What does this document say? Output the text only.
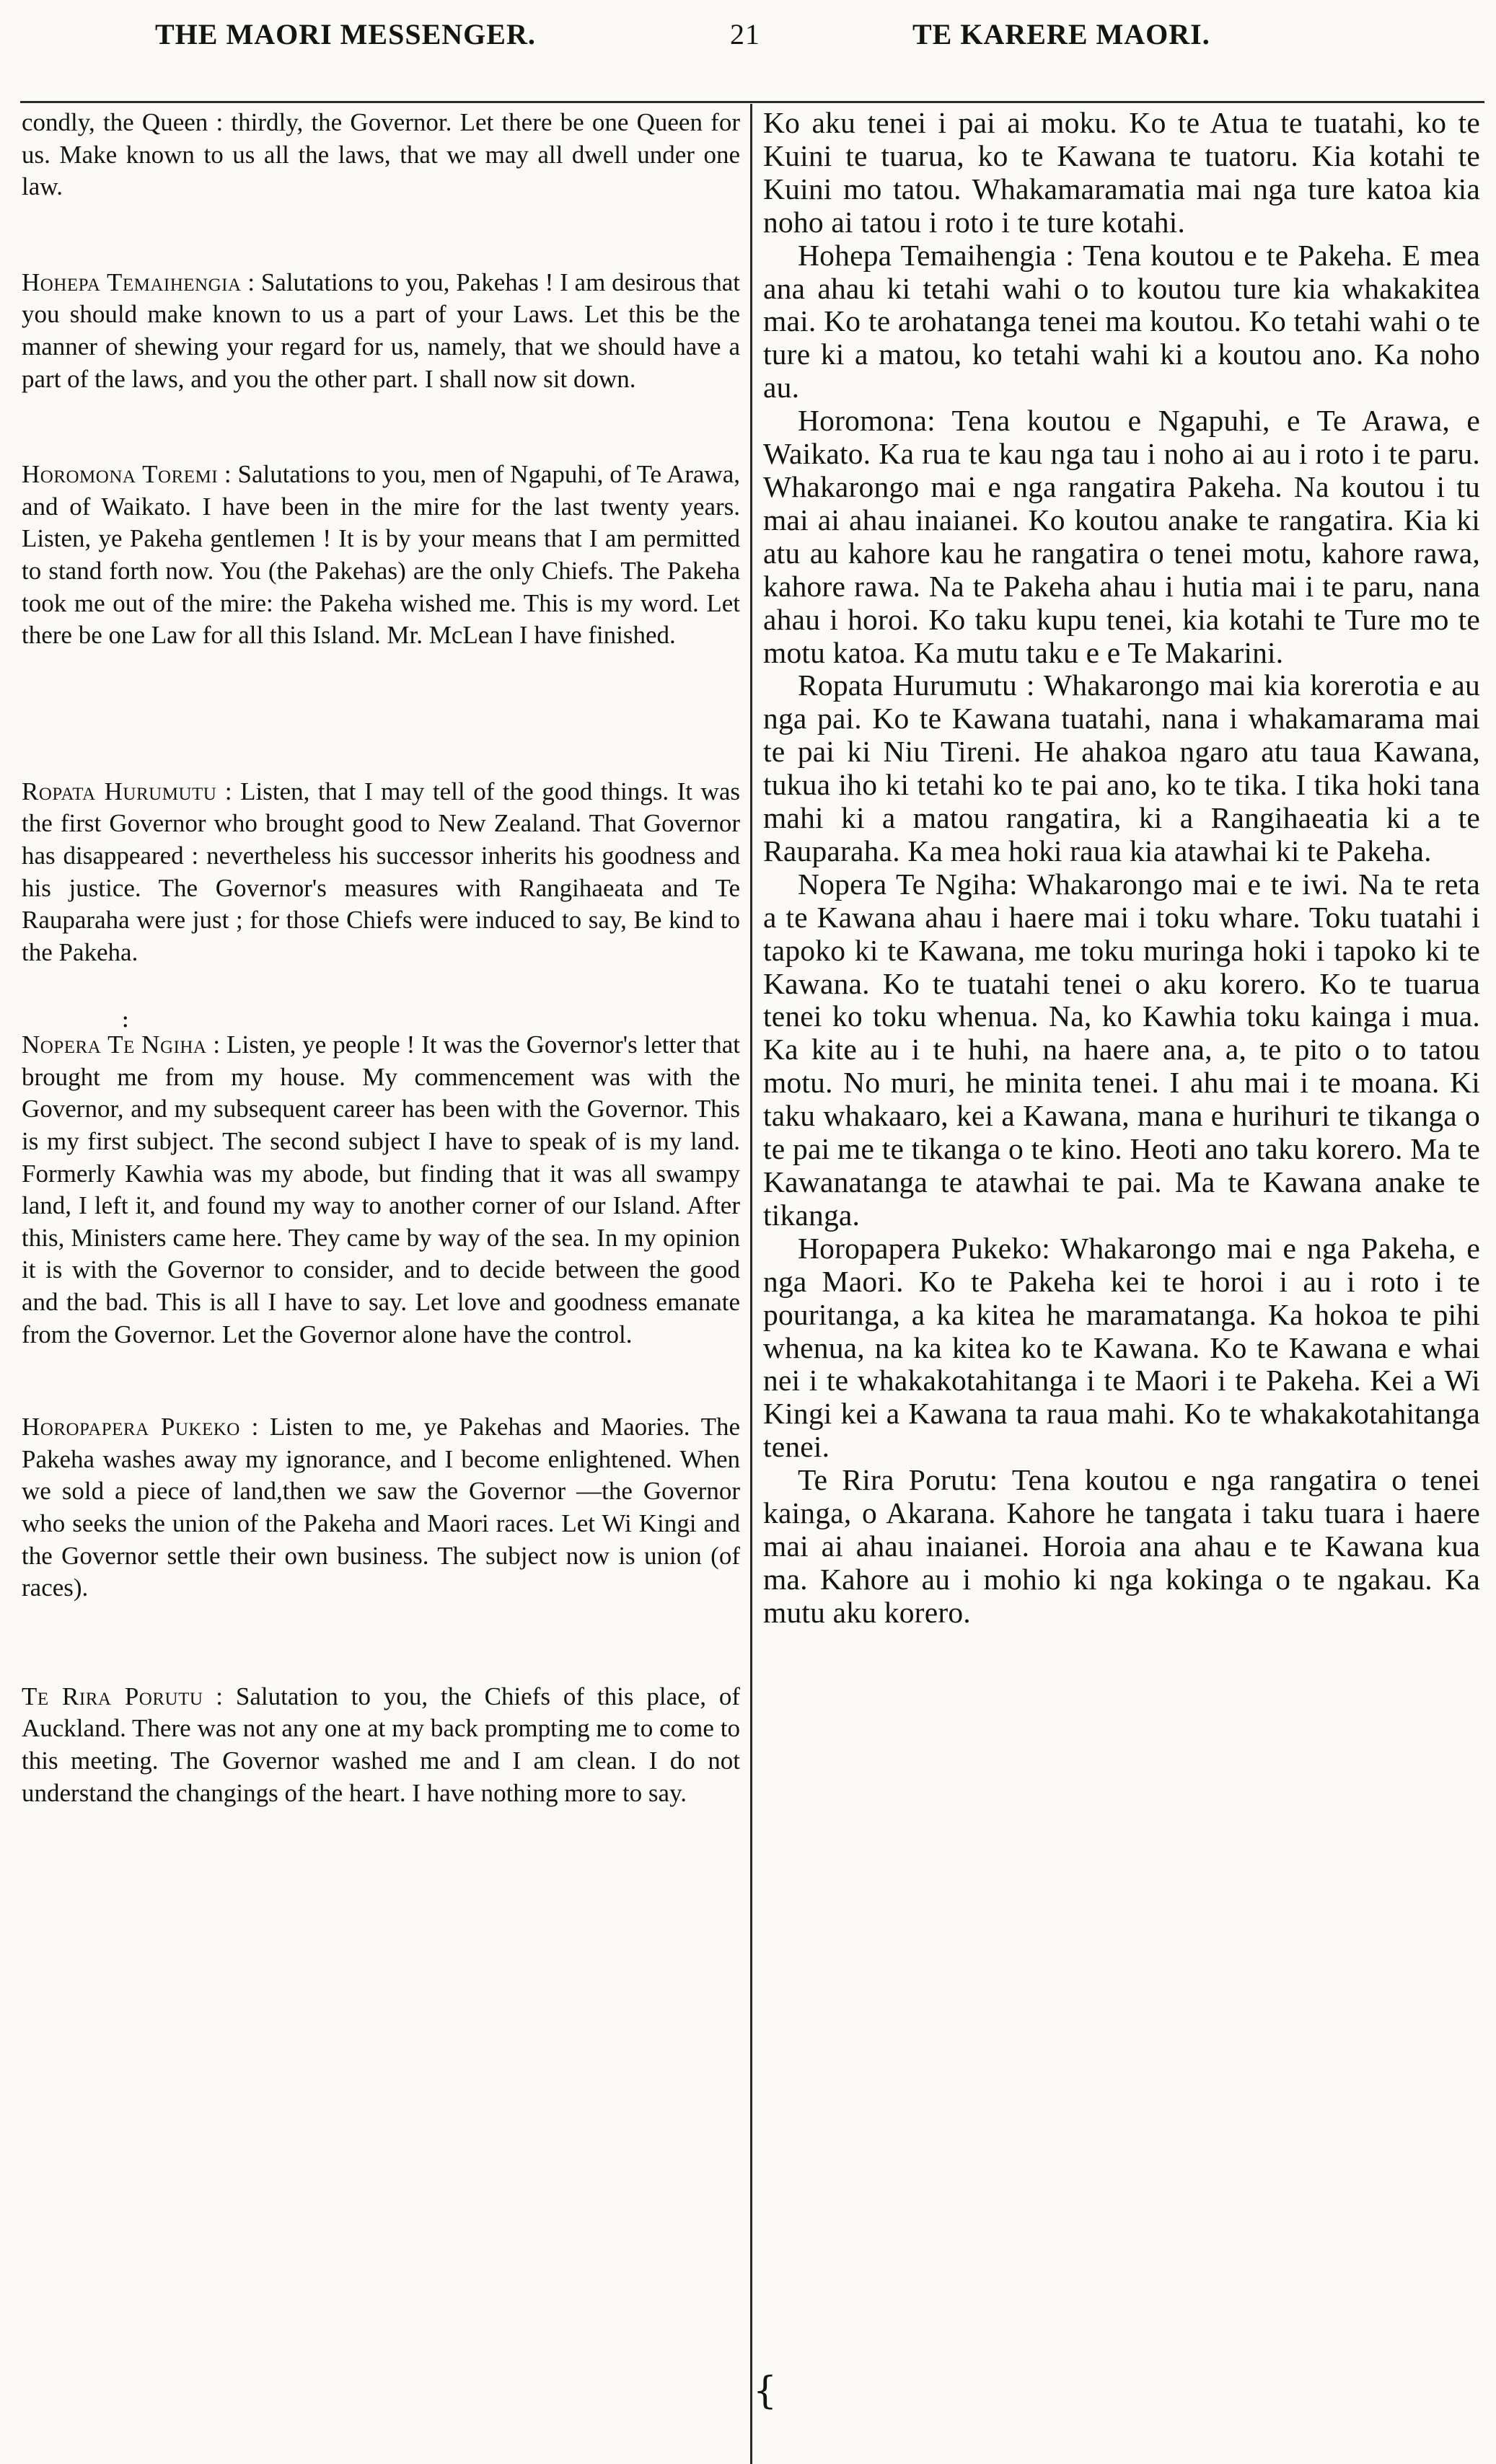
THE MAORI MESSENGER.	21	TE KARERE MAORI.

condly, the Queen : thirdly, the Governor. Let there be one Queen for us. Make known to us all the laws, that we may all dwell under one law.

Hohepa Temaihengia : Salutations to you, Pakehas ! I am desirous that you should make known to us a part of your Laws. Let this be the manner of shewing your regard for us, namely, that we should have a part of the laws, and you the other part. I shall now sit down.

Horomona Toremi : Salutations to you, men of Ngapuhi, of Te Arawa, and of Waikato. I have been in the mire for the last twenty years. Listen, ye Pakeha gentlemen ! It is by your means that I am permitted to stand forth now. You (the Pakehas) are the only Chiefs. The Pakeha took me out of the mire: the Pakeha wished me. This is my word. Let there be one Law for all this Island. Mr. McLean I have finished.

Ropata Hurumutu : Listen, that I may tell of the good things. It was the first Governor who brought good to New Zealand. That Governor has disappeared : nevertheless his successor inherits his goodness and his justice. The Governor's measures with Rangihaeata and Te Rauparaha were just ; for those Chiefs were induced to say, Be kind to the Pakeha.

Nopera Te Ngiha : Listen, ye people ! It was the Governor's letter that brought me from my house. My commencement was with the Governor, and my subsequent career has been with the Governor. This is my first subject. The second subject I have to speak of is my land. Formerly Kawhia was my abode, but finding that it was all swampy land, I left it, and found my way to another corner of our Island. After this, Ministers came here. They came by way of the sea. In my opinion it is with the Governor to consider, and to decide between the good and the bad. This is all I have to say. Let love and goodness emanate from the Governor. Let the Governor alone have the control.

Horopapera Pukeko : Listen to me, ye Pakehas and Maories. The Pakeha washes away my ignorance, and I become enlightened. When we sold a piece of land,then we saw the Governor —the Governor who seeks the union of the Pakeha and Maori races. Let Wi Kingi and the Governor settle their own business. The subject now is union (of races).

Te Rira Porutu : Salutation to you, the Chiefs of this place, of Auckland. There was not any one at my back prompting me to come to this meeting. The Governor washed me and I am clean. I do not understand the changings of the heart. I have nothing more to say.

:

Ko aku tenei i pai ai moku. Ko te Atua te tuatahi, ko te Kuini te tuarua, ko te Kawana te tuatoru. Kia kotahi te Kuini mo tatou. Whakamaramatia mai nga ture katoa kia noho ai tatou i roto i te ture kotahi.

Hohepa Temaihengia : Tena koutou e te Pakeha. E mea ana ahau ki tetahi wahi o to koutou ture kia whakakitea mai. Ko te arohatanga tenei ma koutou. Ko tetahi wahi o te ture ki a matou, ko tetahi wahi ki a koutou ano. Ka noho au.

Horomona: Tena koutou e Ngapuhi, e Te Arawa, e Waikato. Ka rua te kau nga tau i noho ai au i roto i te paru. Whakarongo mai e nga rangatira Pakeha. Na koutou i tu mai ai ahau inaianei. Ko koutou anake te rangatira. Kia ki atu au kahore kau he rangatira o tenei motu, kahore rawa, kahore rawa. Na te Pakeha ahau i hutia mai i te paru, nana ahau i horoi. Ko taku kupu tenei, kia kotahi te Ture mo te motu katoa. Ka mutu taku e e Te Makarini.

Ropata Hurumutu : Whakarongo mai kia korerotia e au nga pai. Ko te Kawana tuatahi, nana i whakamarama mai te pai ki Niu Tireni. He ahakoa ngaro atu taua Kawana, tukua iho ki tetahi ko te pai ano, ko te tika. I tika hoki tana mahi ki a matou rangatira, ki a Rangihaeatia ki a te Rauparaha. Ka mea hoki raua kia atawhai ki te Pakeha.

Nopera Te Ngiha: Whakarongo mai e te iwi. Na te reta a te Kawana ahau i haere mai i toku whare. Toku tuatahi i tapoko ki te Kawana, me toku muringa hoki i tapoko ki te Kawana. Ko te tuatahi tenei o aku korero. Ko te tuarua tenei ko toku whenua. Na, ko Kawhia toku kainga i mua. Ka kite au i te huhi, na haere ana, a, te pito o to tatou motu. No muri, he minita tenei. I ahu mai i te moana. Ki taku whakaaro, kei a Kawana, mana e hurihuri te tikanga o te pai me te tikanga o te kino. Heoti ano taku korero. Ma te Kawanatanga te atawhai te pai. Ma te Kawana anake te tikanga.

Horopapera Pukeko: Whakarongo mai e nga Pakeha, e nga Maori. Ko te Pakeha kei te horoi i au i roto i te pouritanga, a ka kitea he maramatanga. Ka hokoa te pihi whenua, na ka kitea ko te Kawana. Ko te Kawana e whai nei i te whakakotahitanga i te Maori i te Pakeha. Kei a Wi Kingi kei a Kawana ta raua mahi. Ko te whakakotahitanga tenei.

Te Rira Porutu: Tena koutou e nga rangatira o tenei kainga, o Akarana. Kahore he tangata i taku tuara i haere mai ai ahau inaianei. Horoia ana ahau e te Kawana kua ma. Kahore au i mohio ki nga kokinga o te ngakau. Ka mutu aku korero.

{
